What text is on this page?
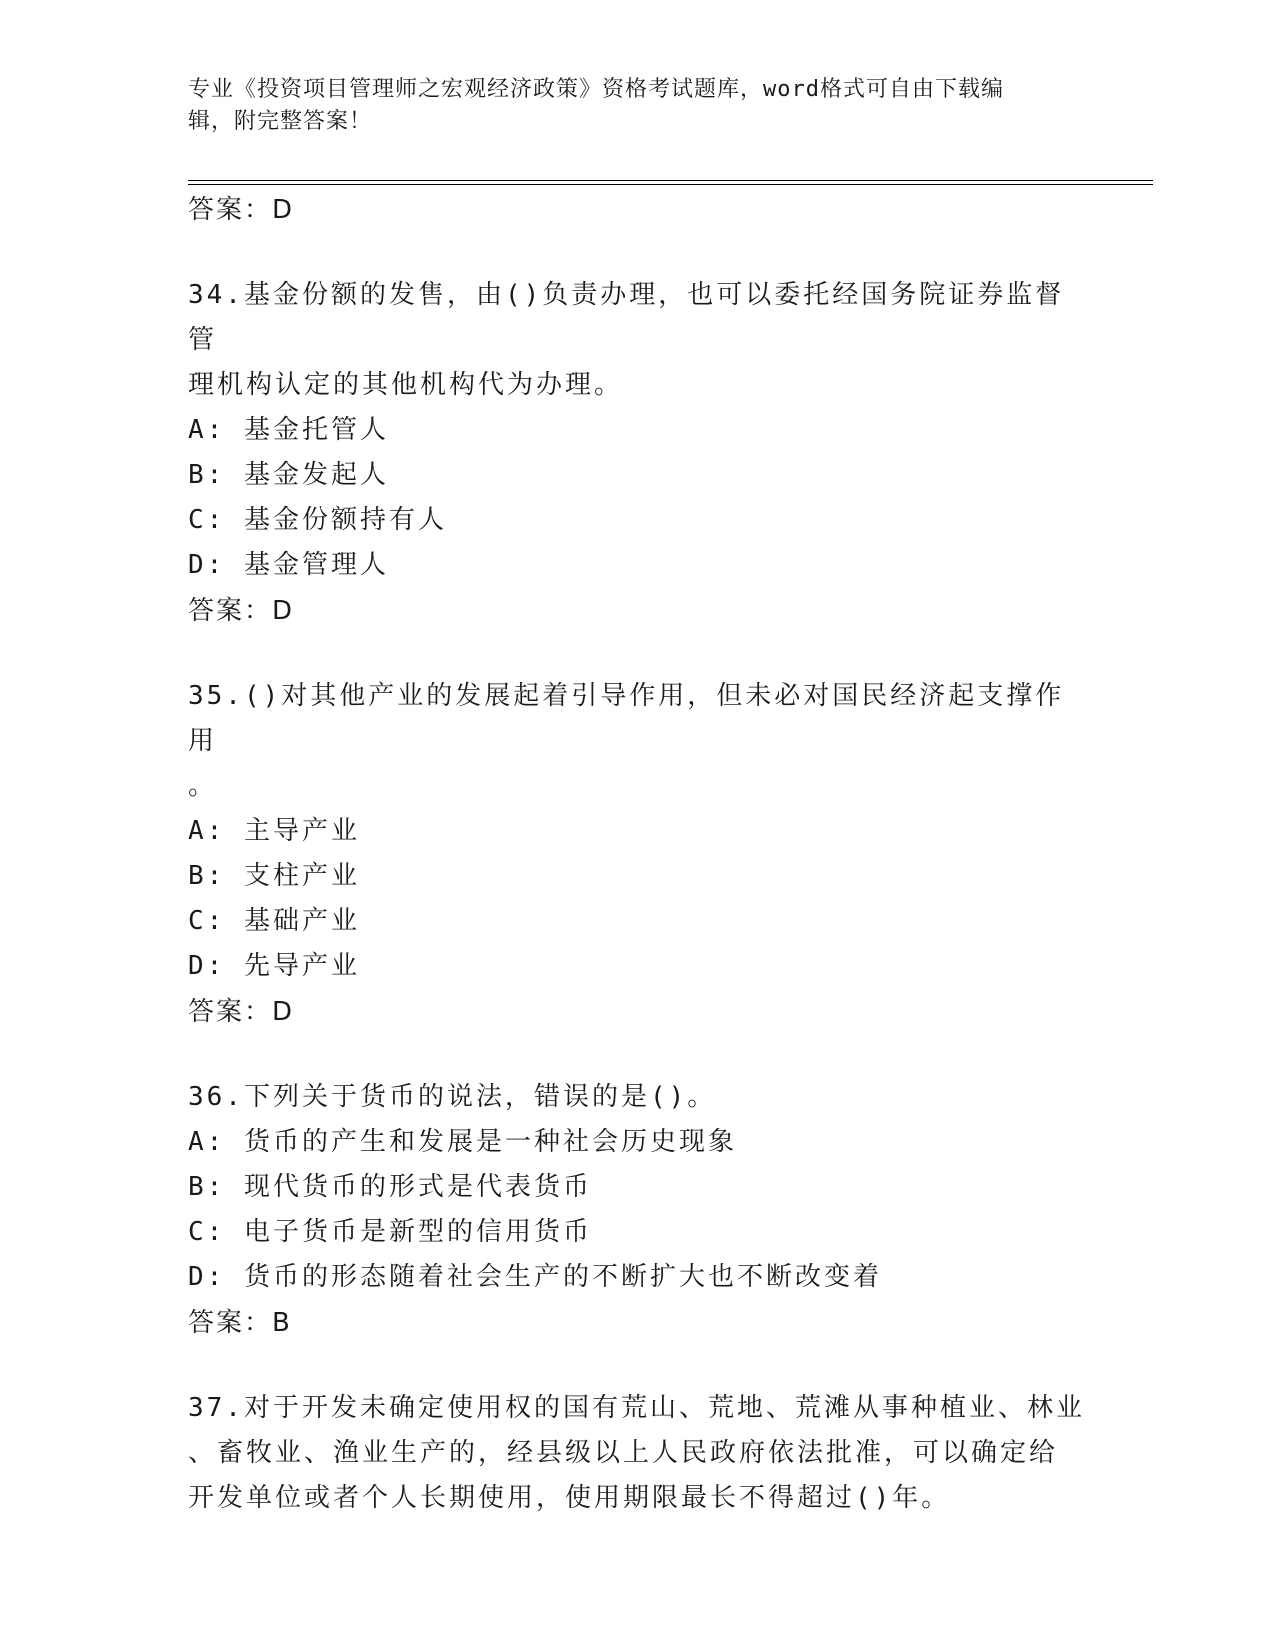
专业《投资项目管理师之宏观经济政策》资格考试题库，word格式可自由下载编
辑，附完整答案！
答案：D
34.基金份额的发售，由()负责办理，也可以委托经国务院证券监督管
理机构认定的其他机构代为办理。
A: 基金托管人
B: 基金发起人
C: 基金份额持有人
D: 基金管理人
答案：D
35.()对其他产业的发展起着引导作用，但未必对国民经济起支撑作用
。
A: 主导产业
B: 支柱产业
C: 基础产业
D: 先导产业
答案：D
36.下列关于货币的说法，错误的是()。
A: 货币的产生和发展是一种社会历史现象
B: 现代货币的形式是代表货币
C: 电子货币是新型的信用货币
D: 货币的形态随着社会生产的不断扩大也不断改变着
答案：B
37.对于开发未确定使用权的国有荒山、荒地、荒滩从事种植业、林业
、畜牧业、渔业生产的，经县级以上人民政府依法批准，可以确定给
开发单位或者个人长期使用，使用期限最长不得超过()年。
